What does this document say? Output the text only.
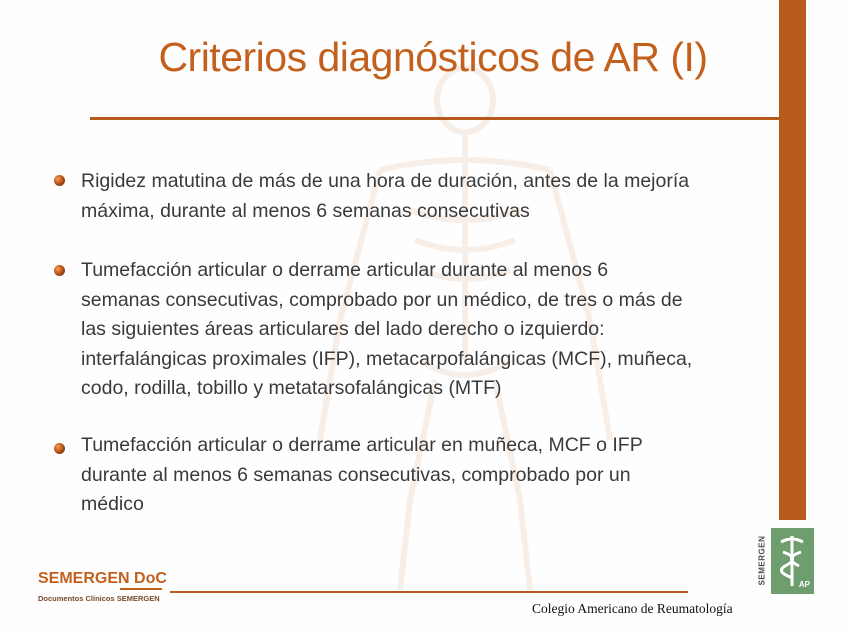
Criterios diagnósticos de AR (I)
Rigidez matutina de más de una hora de duración, antes de la mejoría
máxima, durante al menos 6 semanas consecutivas
Tumefacción articular o derrame articular durante al menos 6
semanas consecutivas, comprobado por un médico, de tres o más de
las siguientes áreas articulares del lado derecho o izquierdo:
interfalángicas proximales (IFP), metacarpofalángicas (MCF), muñeca,
codo, rodilla, tobillo y metatarsofalángicas (MTF)
Tumefacción articular o derrame articular en muñeca, MCF o IFP
durante al menos 6 semanas consecutivas, comprobado por un
médico
SEMERGEN DoC
Documentos Clínicos SEMERGEN
Colegio Americano de Reumatología
SEMERGEN	AP
